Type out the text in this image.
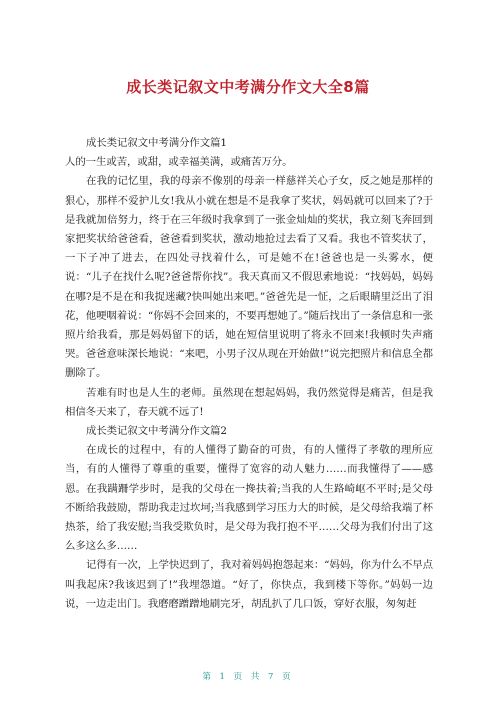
成长类记叙文中考满分作文大全8篇

成长类记叙文中考满分作文篇1

人的一生或苦，或甜，或幸福美满，或痛苦万分。

在我的记忆里，我的母亲不像别的母亲一样慈祥关心子女，反之她是那样的狠心，那样不爱护儿女!我从小就在想是不是我拿了奖状，妈妈就可以回来了?于是我就加倍努力，终于在三年级时我拿到了一张金灿灿的奖状，我立刻飞奔回到家把奖状给爸爸看，爸爸看到奖状，激动地抢过去看了又看。我也不管奖状了，一下子冲了进去，在四处寻找着什么，可是她不在!爸爸也是一头雾水，便说：“儿子在找什么呢?爸爸帮你找”。我天真而又不假思索地说：“找妈妈，妈妈在哪?是不是在和我捉迷藏?快叫她出来吧。”爸爸先是一怔，之后眼睛里泛出了泪花，他哽咽着说：“你妈不会回来的，不要再想她了。”随后找出了一条信息和一张照片给我看，那是妈妈留下的话，她在短信里说明了将永不回来!我顿时失声痛哭。爸爸意味深长地说：“来吧，小男子汉从现在开始做!”说完把照片和信息全都删除了。

苦难有时也是人生的老师。虽然现在想起妈妈，我仍然觉得是痛苦，但是我相信冬天来了，春天就不远了!

成长类记叙文中考满分作文篇2

在成长的过程中，有的人懂得了勤奋的可贵，有的人懂得了孝敬的理所应当，有的人懂得了尊重的重要，懂得了宽容的动人魅力……而我懂得了——感恩。在我蹒跚学步时，是我的父母在一搀扶着;当我的人生路崎岖不平时;是父母不断给我鼓励，帮助我走过坎坷;当我感到学习压力大的时候，是父母给我端了杯热茶，给了我安慰;当我受欺负时，是父母为我打抱不平……父母为我们付出了这么多这么多……

记得有一次，上学快迟到了，我对着妈妈抱怨起来：“妈妈，你为什么不早点叫我起床?我该迟到了!”我埋怨道。“好了，你快点，我到楼下等你。”妈妈一边说，一边走出门。我磨磨蹭蹭地刷完牙，胡乱扒了几口饭，穿好衣服，匆匆赶

第 1 页 共 7 页
